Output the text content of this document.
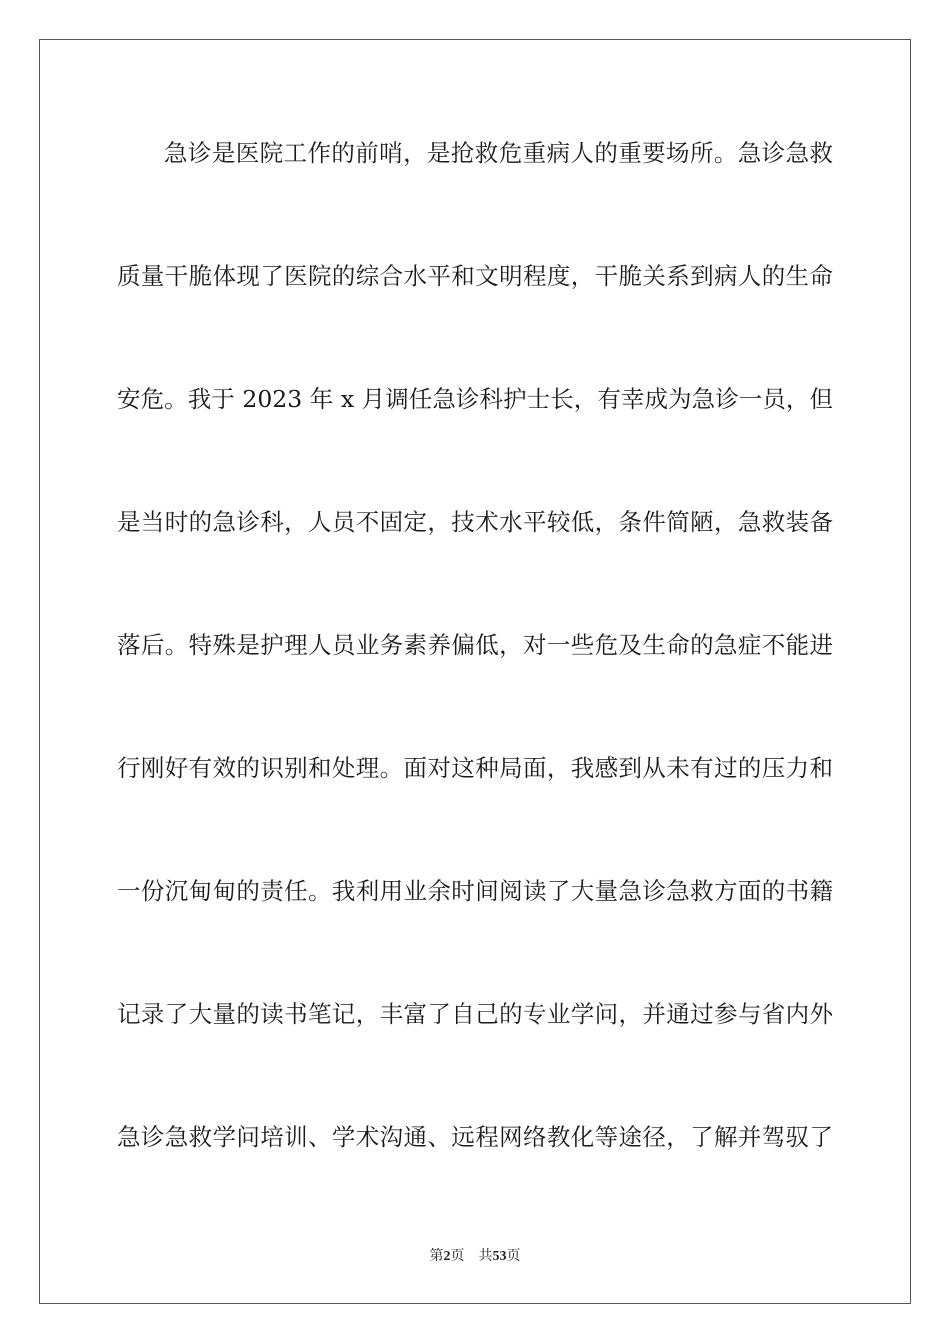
急诊是医院工作的前哨，是抢救危重病人的重要场所。急诊急救
质量干脆体现了医院的综合水平和文明程度，干脆关系到病人的生命
安危。我于 2023 年 x 月调任急诊科护士长，有幸成为急诊一员，但
是当时的急诊科，人员不固定，技术水平较低，条件简陋，急救装备
落后。特殊是护理人员业务素养偏低，对一些危及生命的急症不能进
行刚好有效的识别和处理。面对这种局面，我感到从未有过的压力和
一份沉甸甸的责任。我利用业余时间阅读了大量急诊急救方面的书籍
记录了大量的读书笔记，丰富了自己的专业学问，并通过参与省内外
急诊急救学问培训、学术沟通、远程网络教化等途径，了解并驾驭了
第2页 共53页
